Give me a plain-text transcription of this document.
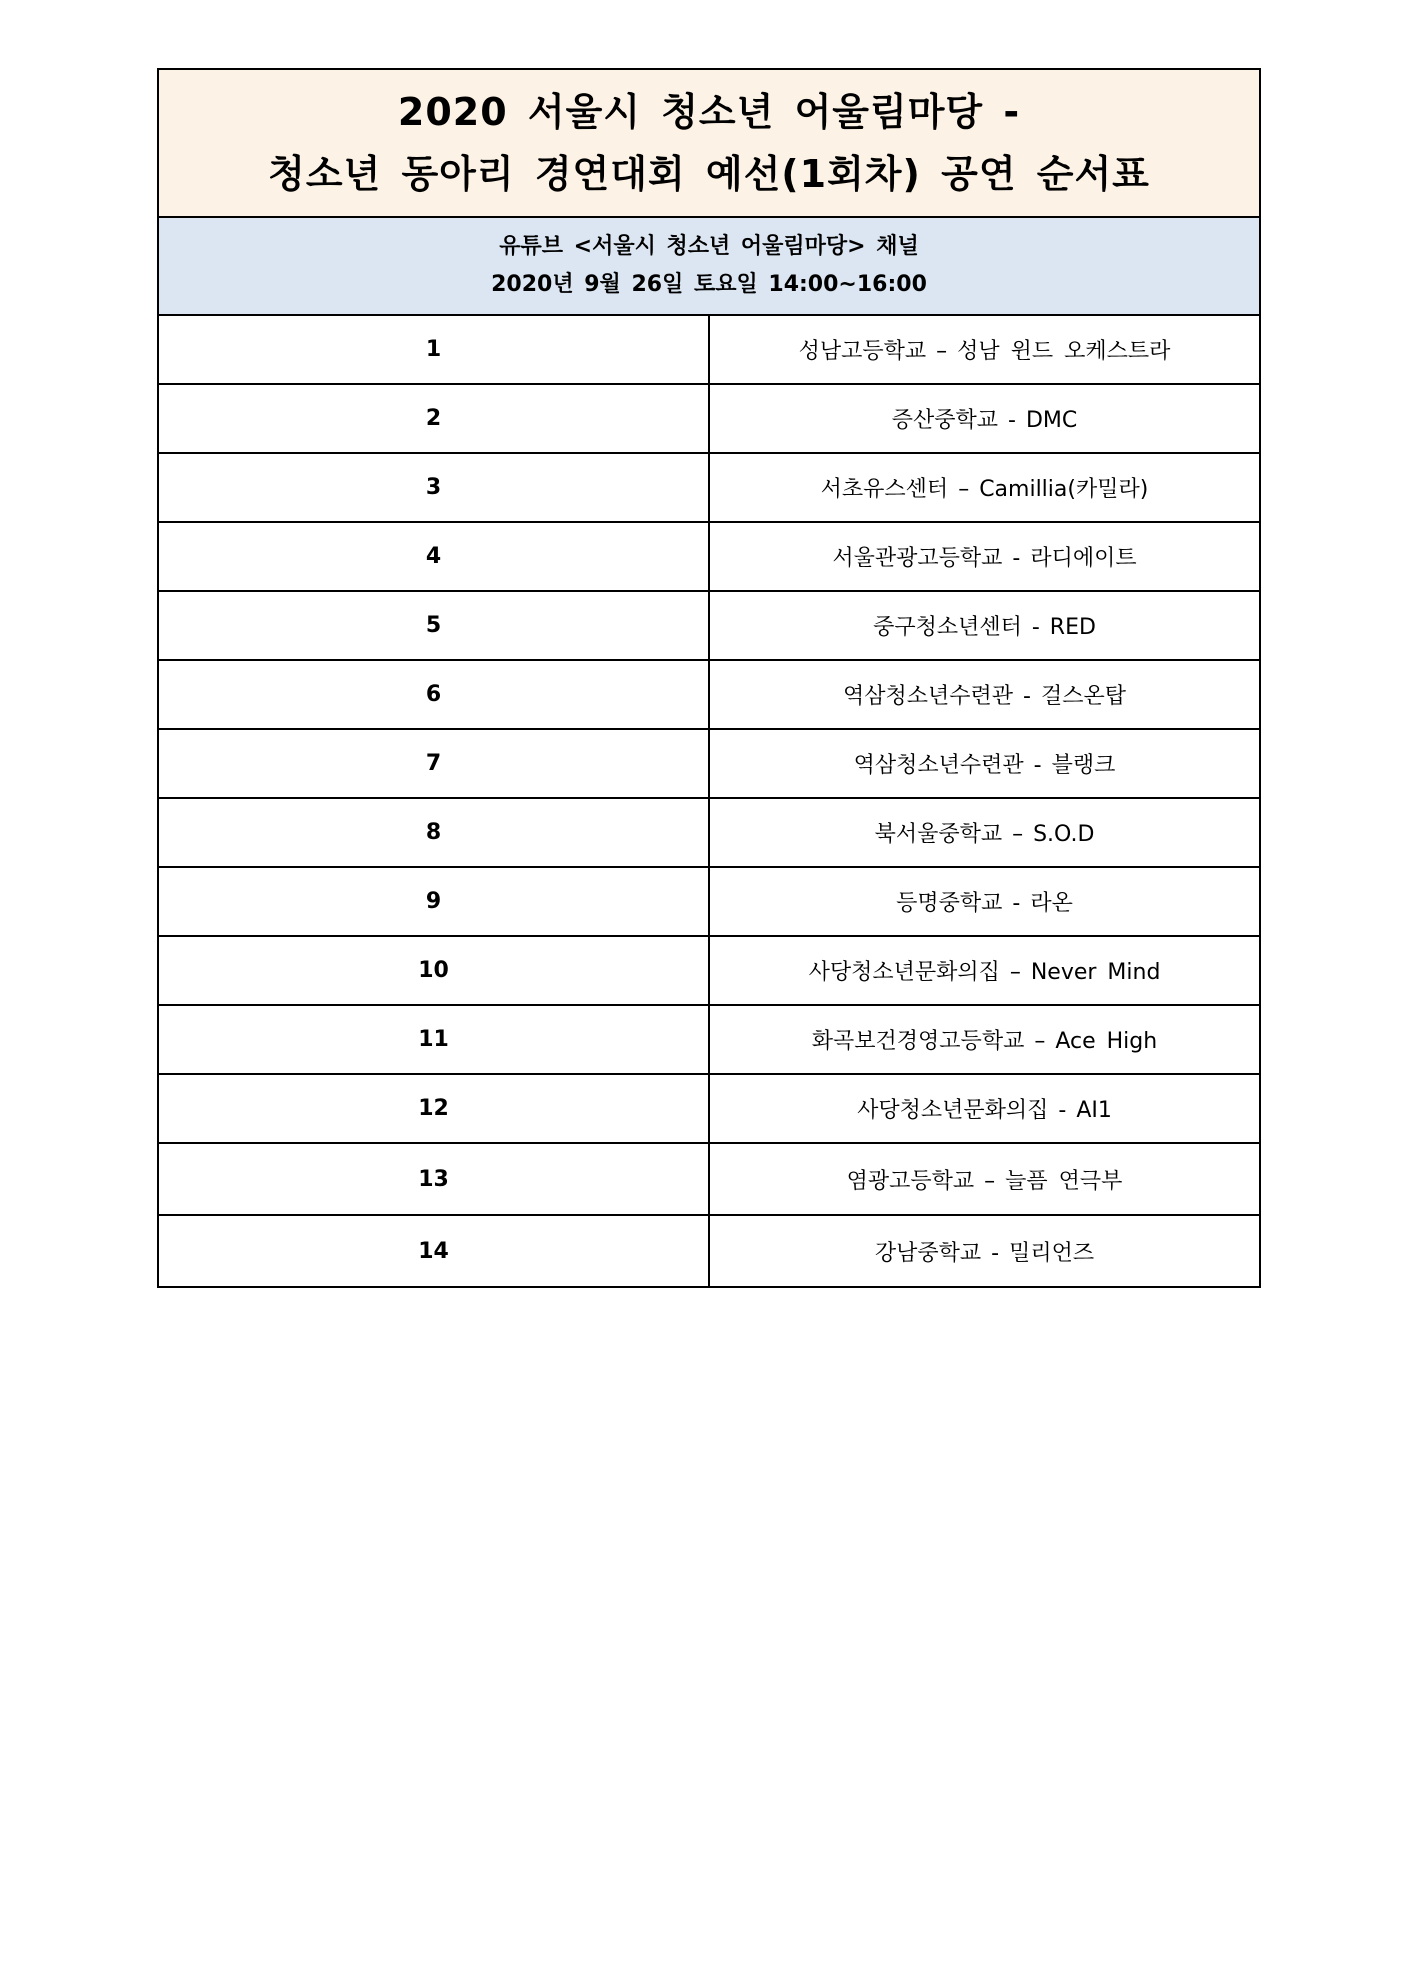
2020 서울시 청소년 어울림마당 -
청소년 동아리 경연대회 예선(1회차) 공연 순서표	

유튜브 <서울시 청소년 어울림마당> 채널
2020년 9월 26일 토요일 14:00~16:00	

1	성남고등학교 – 성남 윈드 오케스트라
2	증산중학교 - DMC
3	서초유스센터 – Camillia(카밀라)
4	서울관광고등학교 - 라디에이트
5	중구청소년센터 - RED
6	역삼청소년수련관 - 걸스온탑
7	역삼청소년수련관 - 블랭크
8	북서울중학교 – S.O.D
9	등명중학교 - 라온
10	사당청소년문화의집 – Never Mind
11	화곡보건경영고등학교 – Ace High
12	사당청소년문화의집 - AI1
13	염광고등학교 – 늘픔 연극부
14	강남중학교 - 밀리언즈
